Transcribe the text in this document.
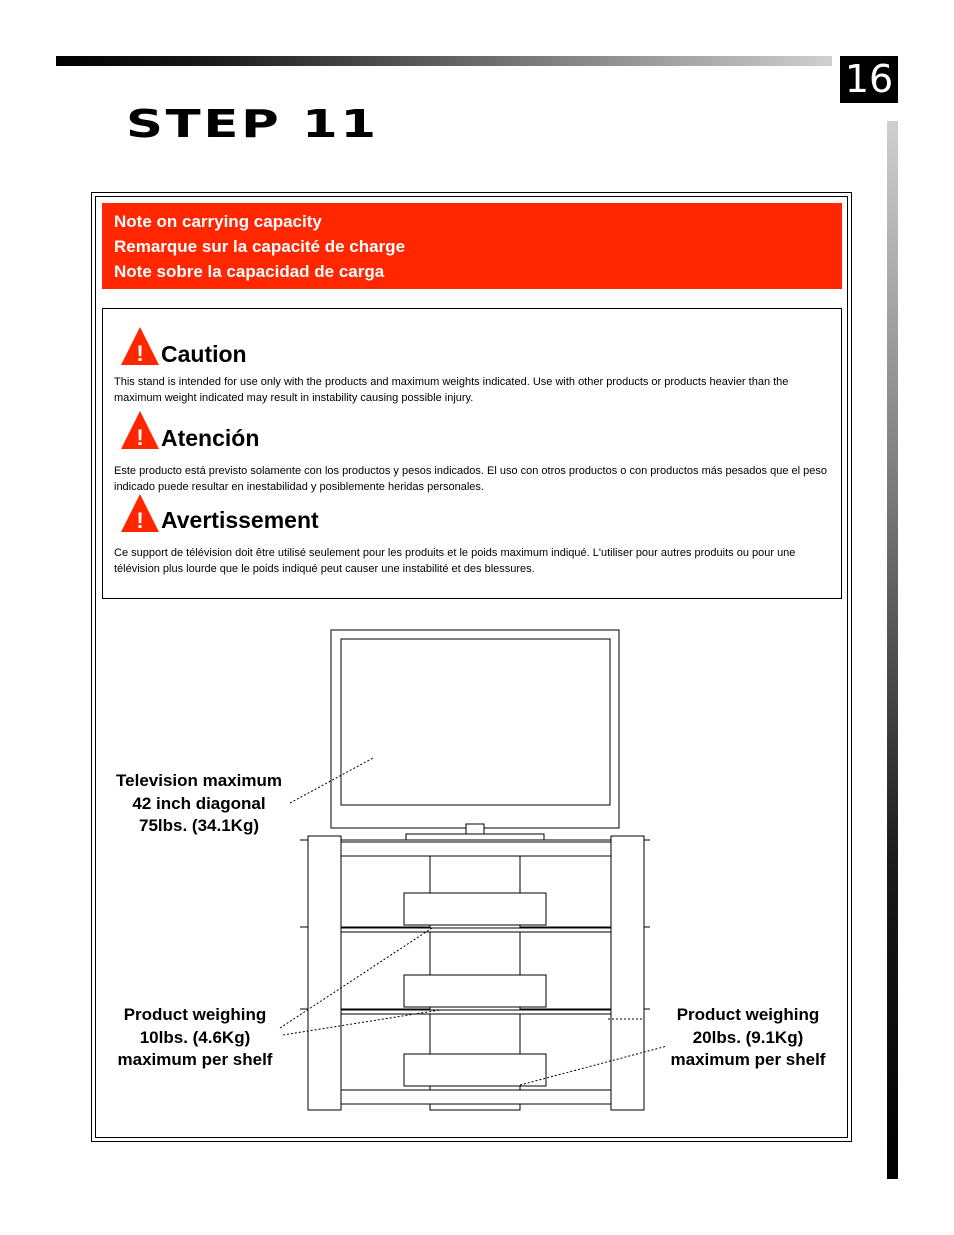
16
STEP 11
Note on carrying capacity
Remarque sur la capacité de charge
Note sobre la capacidad de carga
! Caution
This stand is intended for use only with the products and maximum weights indicated. Use with other products or products heavier than the maximum weight indicated may result in instability causing possible injury.
! Atención
Este producto está previsto solamente con los productos y pesos indicados. El uso con otros productos o con productos más pesados que el peso indicado puede resultar en inestabilidad y posiblemente heridas personales.
! Avertissement
Ce support de télévision doit être utilisé seulement pour les produits et le poids maximum indiqué. L'utiliser pour autres produits ou pour une télévision plus lourde que le poids indiqué peut causer une instabilité et des blessures.
Television maximum
42 inch diagonal
75lbs. (34.1Kg)
Product weighing
10lbs. (4.6Kg)
maximum per shelf
Product weighing
20lbs. (9.1Kg)
maximum per shelf
